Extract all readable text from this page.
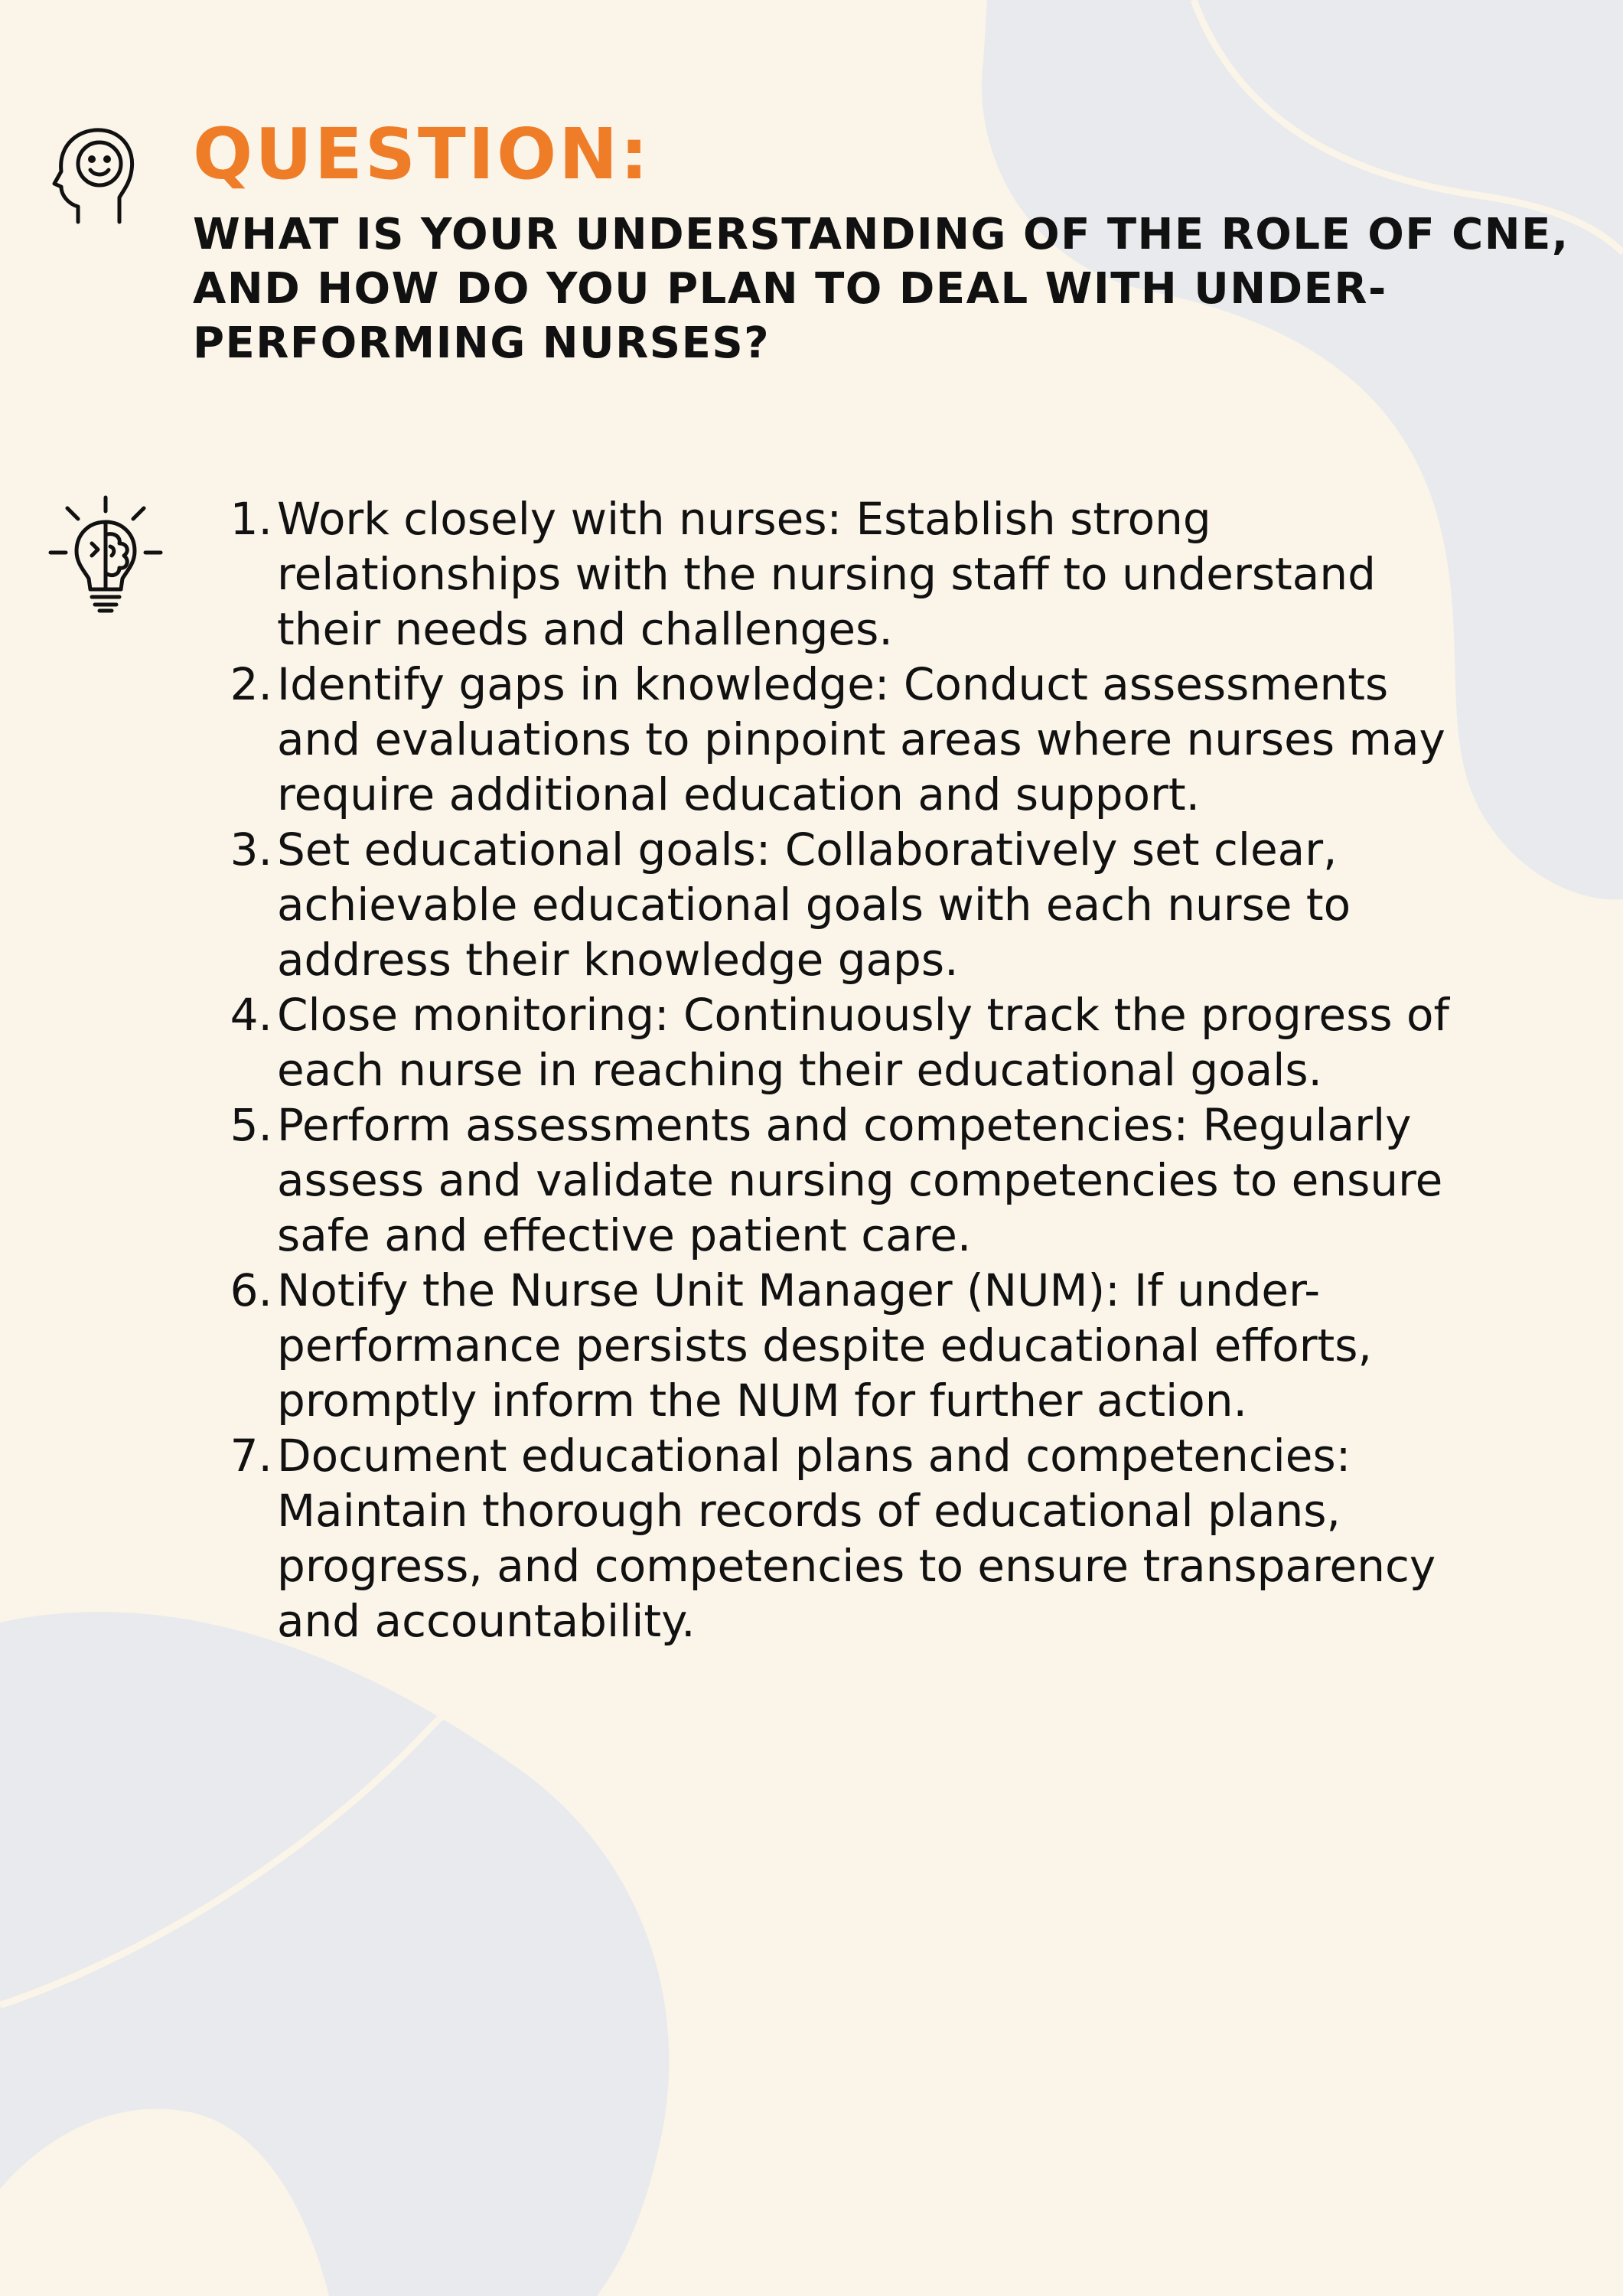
QUESTION:
WHAT IS YOUR UNDERSTANDING OF THE ROLE OF CNE, AND HOW DO YOU PLAN TO DEAL WITH UNDER-PERFORMING NURSES?
1. Work closely with nurses: Establish strong relationships with the nursing staff to understand their needs and challenges.
2. Identify gaps in knowledge: Conduct assessments and evaluations to pinpoint areas where nurses may require additional education and support.
3. Set educational goals: Collaboratively set clear, achievable educational goals with each nurse to address their knowledge gaps.
4. Close monitoring: Continuously track the progress of each nurse in reaching their educational goals.
5. Perform assessments and competencies: Regularly assess and validate nursing competencies to ensure safe and effective patient care.
6. Notify the Nurse Unit Manager (NUM): If under-performance persists despite educational efforts, promptly inform the NUM for further action.
7. Document educational plans and competencies: Maintain thorough records of educational plans, progress, and competencies to ensure transparency and accountability.
